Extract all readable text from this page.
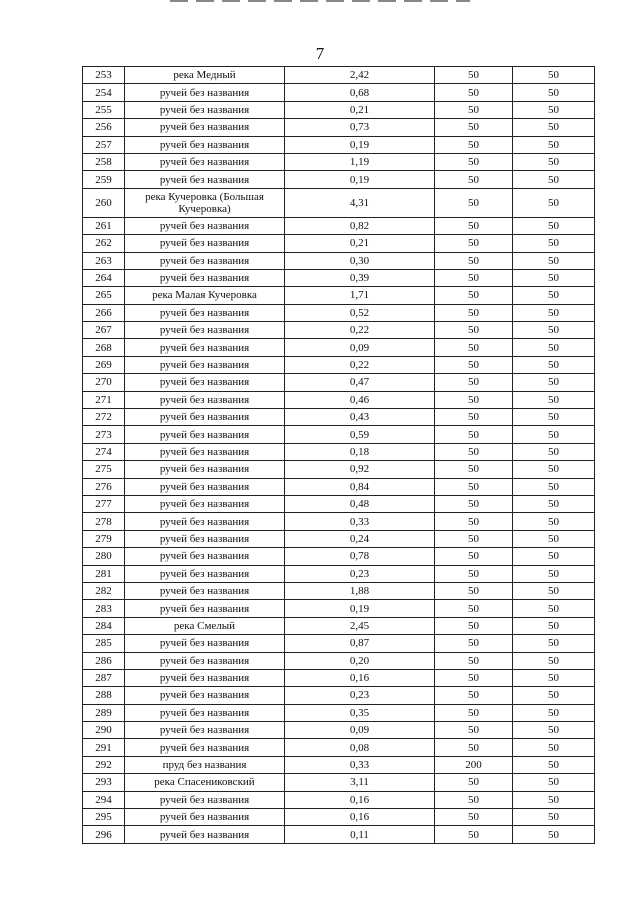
7
253	река Медный	2,42	50	50
254	ручей без названия	0,68	50	50
255	ручей без названия	0,21	50	50
256	ручей без названия	0,73	50	50
257	ручей без названия	0,19	50	50
258	ручей без названия	1,19	50	50
259	ручей без названия	0,19	50	50
260	река Кучеровка (Большая Кучеровка)	4,31	50	50
261	ручей без названия	0,82	50	50
262	ручей без названия	0,21	50	50
263	ручей без названия	0,30	50	50
264	ручей без названия	0,39	50	50
265	река Малая Кучеровка	1,71	50	50
266	ручей без названия	0,52	50	50
267	ручей без названия	0,22	50	50
268	ручей без названия	0,09	50	50
269	ручей без названия	0,22	50	50
270	ручей без названия	0,47	50	50
271	ручей без названия	0,46	50	50
272	ручей без названия	0,43	50	50
273	ручей без названия	0,59	50	50
274	ручей без названия	0,18	50	50
275	ручей без названия	0,92	50	50
276	ручей без названия	0,84	50	50
277	ручей без названия	0,48	50	50
278	ручей без названия	0,33	50	50
279	ручей без названия	0,24	50	50
280	ручей без названия	0,78	50	50
281	ручей без названия	0,23	50	50
282	ручей без названия	1,88	50	50
283	ручей без названия	0,19	50	50
284	река Смелый	2,45	50	50
285	ручей без названия	0,87	50	50
286	ручей без названия	0,20	50	50
287	ручей без названия	0,16	50	50
288	ручей без названия	0,23	50	50
289	ручей без названия	0,35	50	50
290	ручей без названия	0,09	50	50
291	ручей без названия	0,08	50	50
292	пруд без названия	0,33	200	50
293	река Спасениковский	3,11	50	50
294	ручей без названия	0,16	50	50
295	ручей без названия	0,16	50	50
296	ручей без названия	0,11	50	50
